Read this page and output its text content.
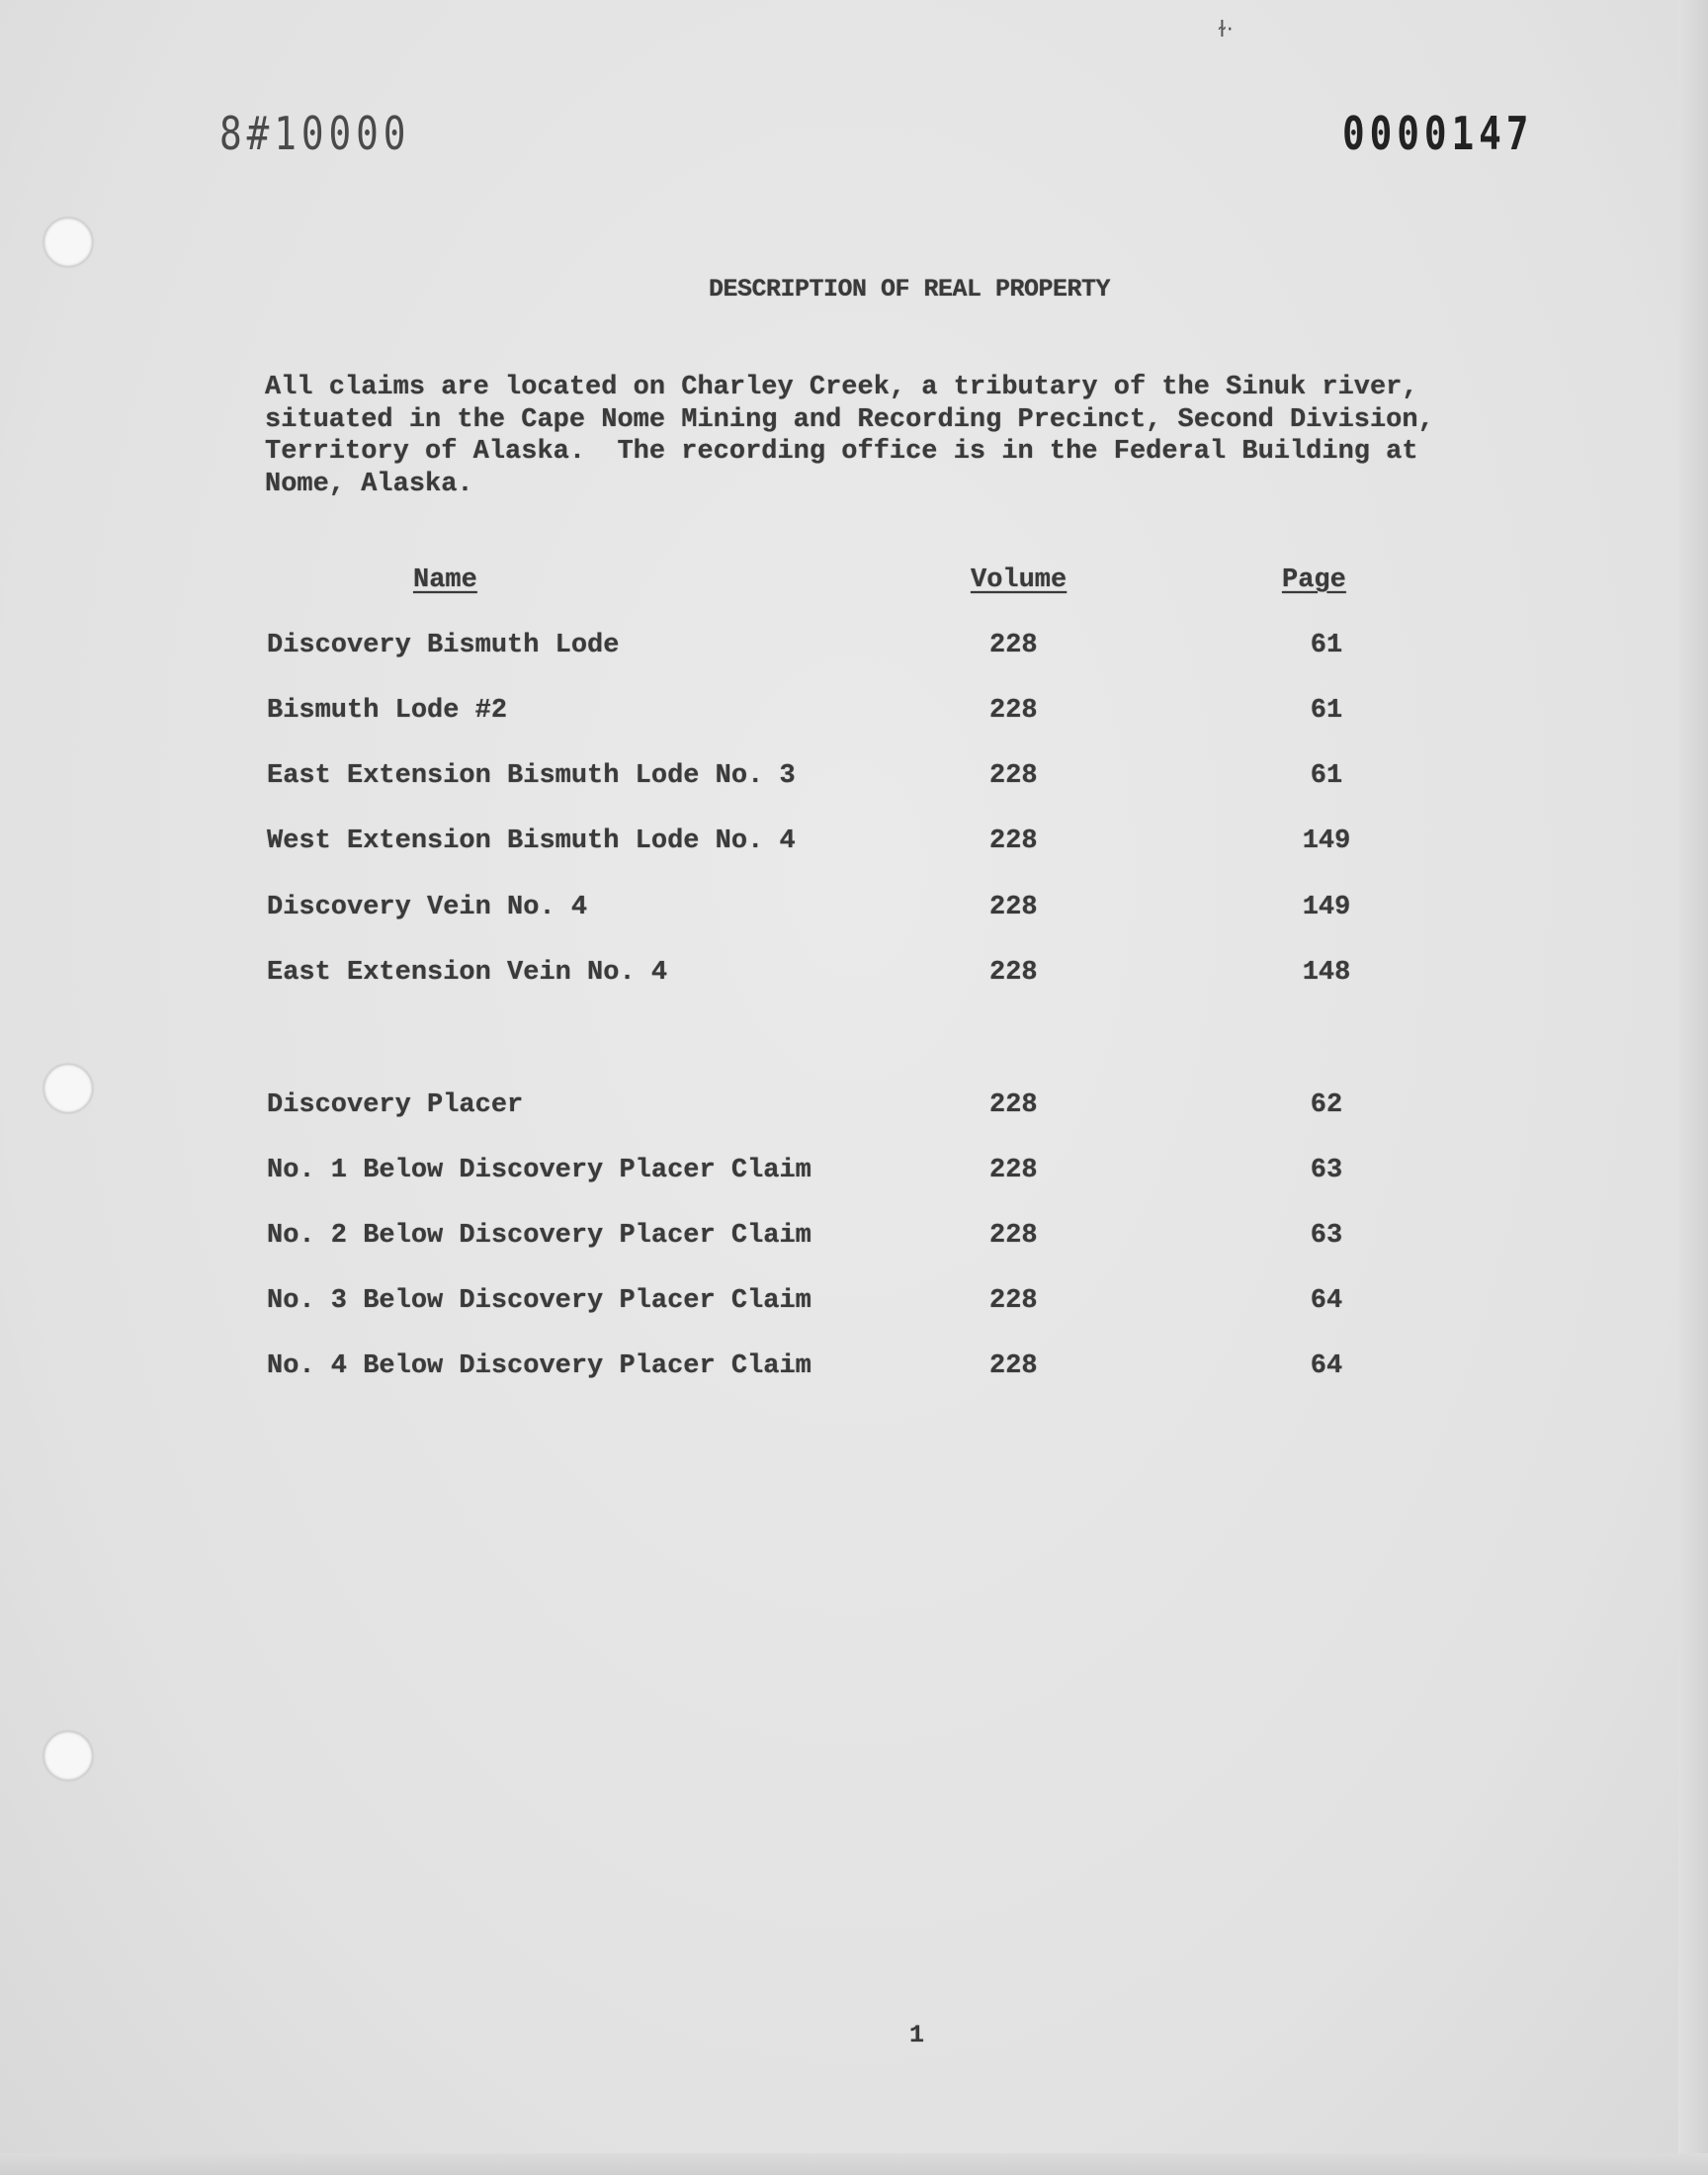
ɫ·
8#10000	0000147
DESCRIPTION OF REAL PROPERTY

All claims are located on Charley Creek, a tributary of the Sinuk river,
situated in the Cape Nome Mining and Recording Precinct, Second Division,
Territory of Alaska.  The recording office is in the Federal Building at
Nome, Alaska.

Name	Volume	Page
Discovery Bismuth Lode	228	61
Bismuth Lode #2	228	61
East Extension Bismuth Lode No. 3	228	61
West Extension Bismuth Lode No. 4	228	149
Discovery Vein No. 4	228	149
East Extension Vein No. 4	228	148
Discovery Placer	228	62
No. 1 Below Discovery Placer Claim	228	63
No. 2 Below Discovery Placer Claim	228	63
No. 3 Below Discovery Placer Claim	228	64
No. 4 Below Discovery Placer Claim	228	64
1
